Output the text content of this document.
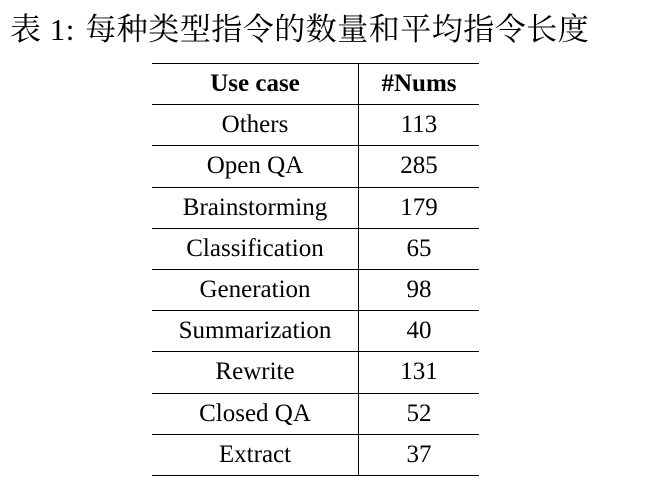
表 1: 每种类型指令的数量和平均指令长度
Use case	#Nums
Others	113
Open QA	285
Brainstorming	179
Classification	65
Generation	98
Summarization	40
Rewrite	131
Closed QA	52
Extract	37
